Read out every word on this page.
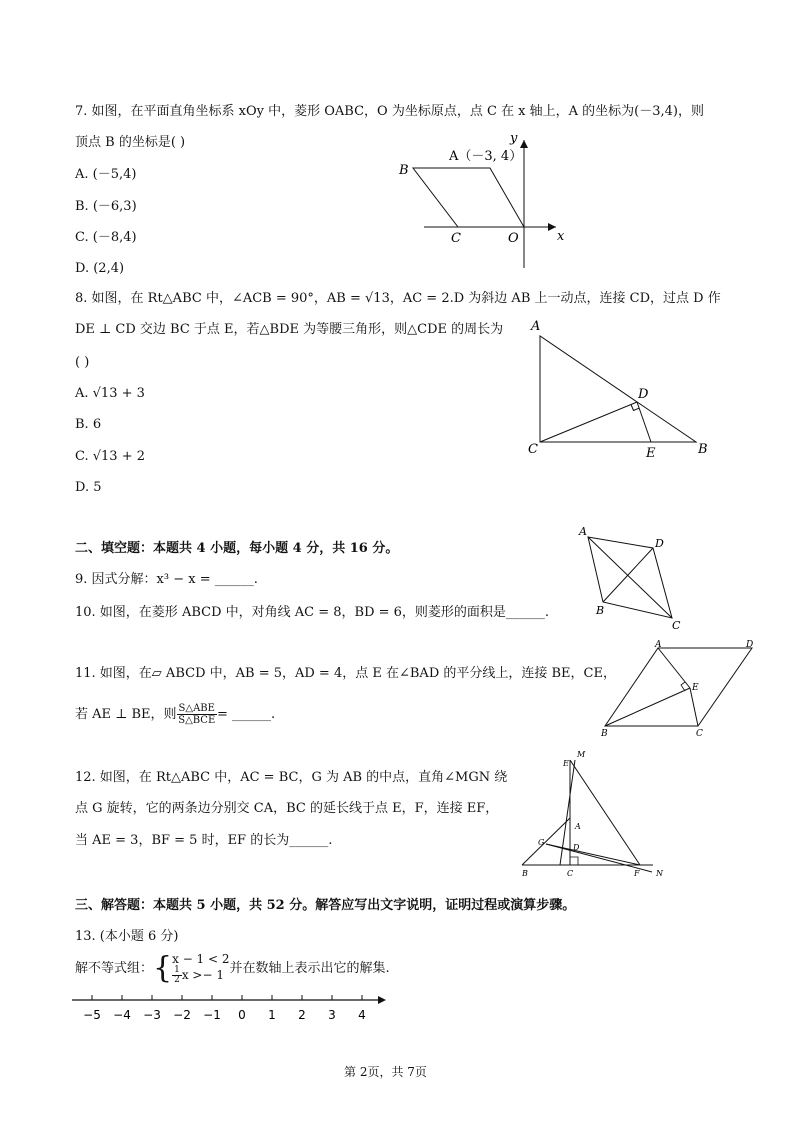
7. 如图，在平面直角坐标系 xOy 中，菱形 OABC，O 为坐标原点，点 C 在 x 轴上，A 的坐标为(－3,4)，则
顶点 B 的坐标是( )
A. (－5,4)
B. (－6,3)
C. (－8,4)
D. (2,4)
A（－3, 4）
B
C	O	x
y
8. 如图，在 Rt△ABC 中，∠ACB = 90°，AB = √13，AC = 2.D 为斜边 AB 上一动点，连接 CD，过点 D 作
DE ⊥ CD 交边 BC 于点 E，若△BDE 为等腰三角形，则△CDE 的周长为
( )
A. √13 + 3
B. 6
C. √13 + 2
D. 5
A
C	B
D
E
二、填空题：本题共 4 小题，每小题 4 分，共 16 分。
9. 因式分解：x³ − x = ______.
10. 如图，在菱形 ABCD 中，对角线 AC = 8，BD = 6，则菱形的面积是______.
A
D
B
C
11. 如图，在▱ ABCD 中，AB = 5，AD = 4，点 E 在∠BAD 的平分线上，连接 BE，CE，
若 AE ⊥ BE，则 $\frac{\text{S△ABE}}{\text{S△BCE}}$ = ______.
A	D
E
B	C
12. 如图，在 Rt△ABC 中，AC = BC，G 为 AB 的中点，直角∠MGN 绕
点 G 旋转，它的两条边分别交 CA，BC 的延长线于点 E，F，连接 EF，
当 AE = 3，BF = 5 时，EF 的长为______.
M
E
A
G
D
B	C	F N
三、解答题：本题共 5 小题，共 52 分。解答应写出文字说明，证明过程或演算步骤。
13. (本小题 6 分)
解不等式组：{ x − 1 < 2
$\frac{1}{2}$ x >− 1 并在数轴上表示出它的解集.
−5 −4 −3 −2 −1 0 1 2 3 4
第 2页，共 7页
